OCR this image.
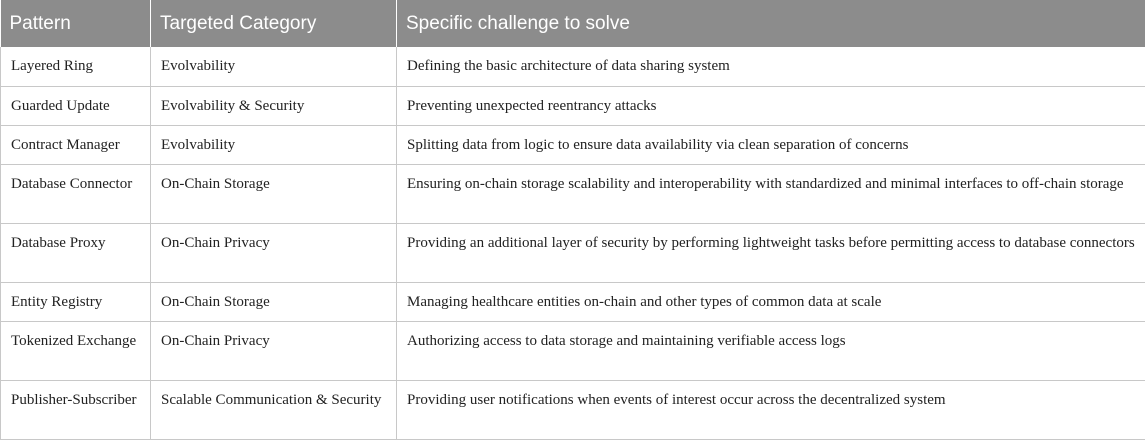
Pattern	Targeted Category	Specific challenge to solve
Layered Ring	Evolvability	Defining the basic architecture of data sharing system
Guarded Update	Evolvability & Security	Preventing unexpected reentrancy attacks
Contract Manager	Evolvability	Splitting data from logic to ensure data availability via clean separation of concerns
Database Connector	On-Chain Storage	Ensuring on-chain storage scalability and interoperability with standardized and minimal interfaces to off-chain storage
Database Proxy	On-Chain Privacy	Providing an additional layer of security by performing lightweight tasks before permitting access to database connectors
Entity Registry	On-Chain Storage	Managing healthcare entities on-chain and other types of common data at scale
Tokenized Exchange	On-Chain Privacy	Authorizing access to data storage and maintaining verifiable access logs
Publisher-Subscriber	Scalable Communication & Security	Providing user notifications when events of interest occur across the decentralized system
